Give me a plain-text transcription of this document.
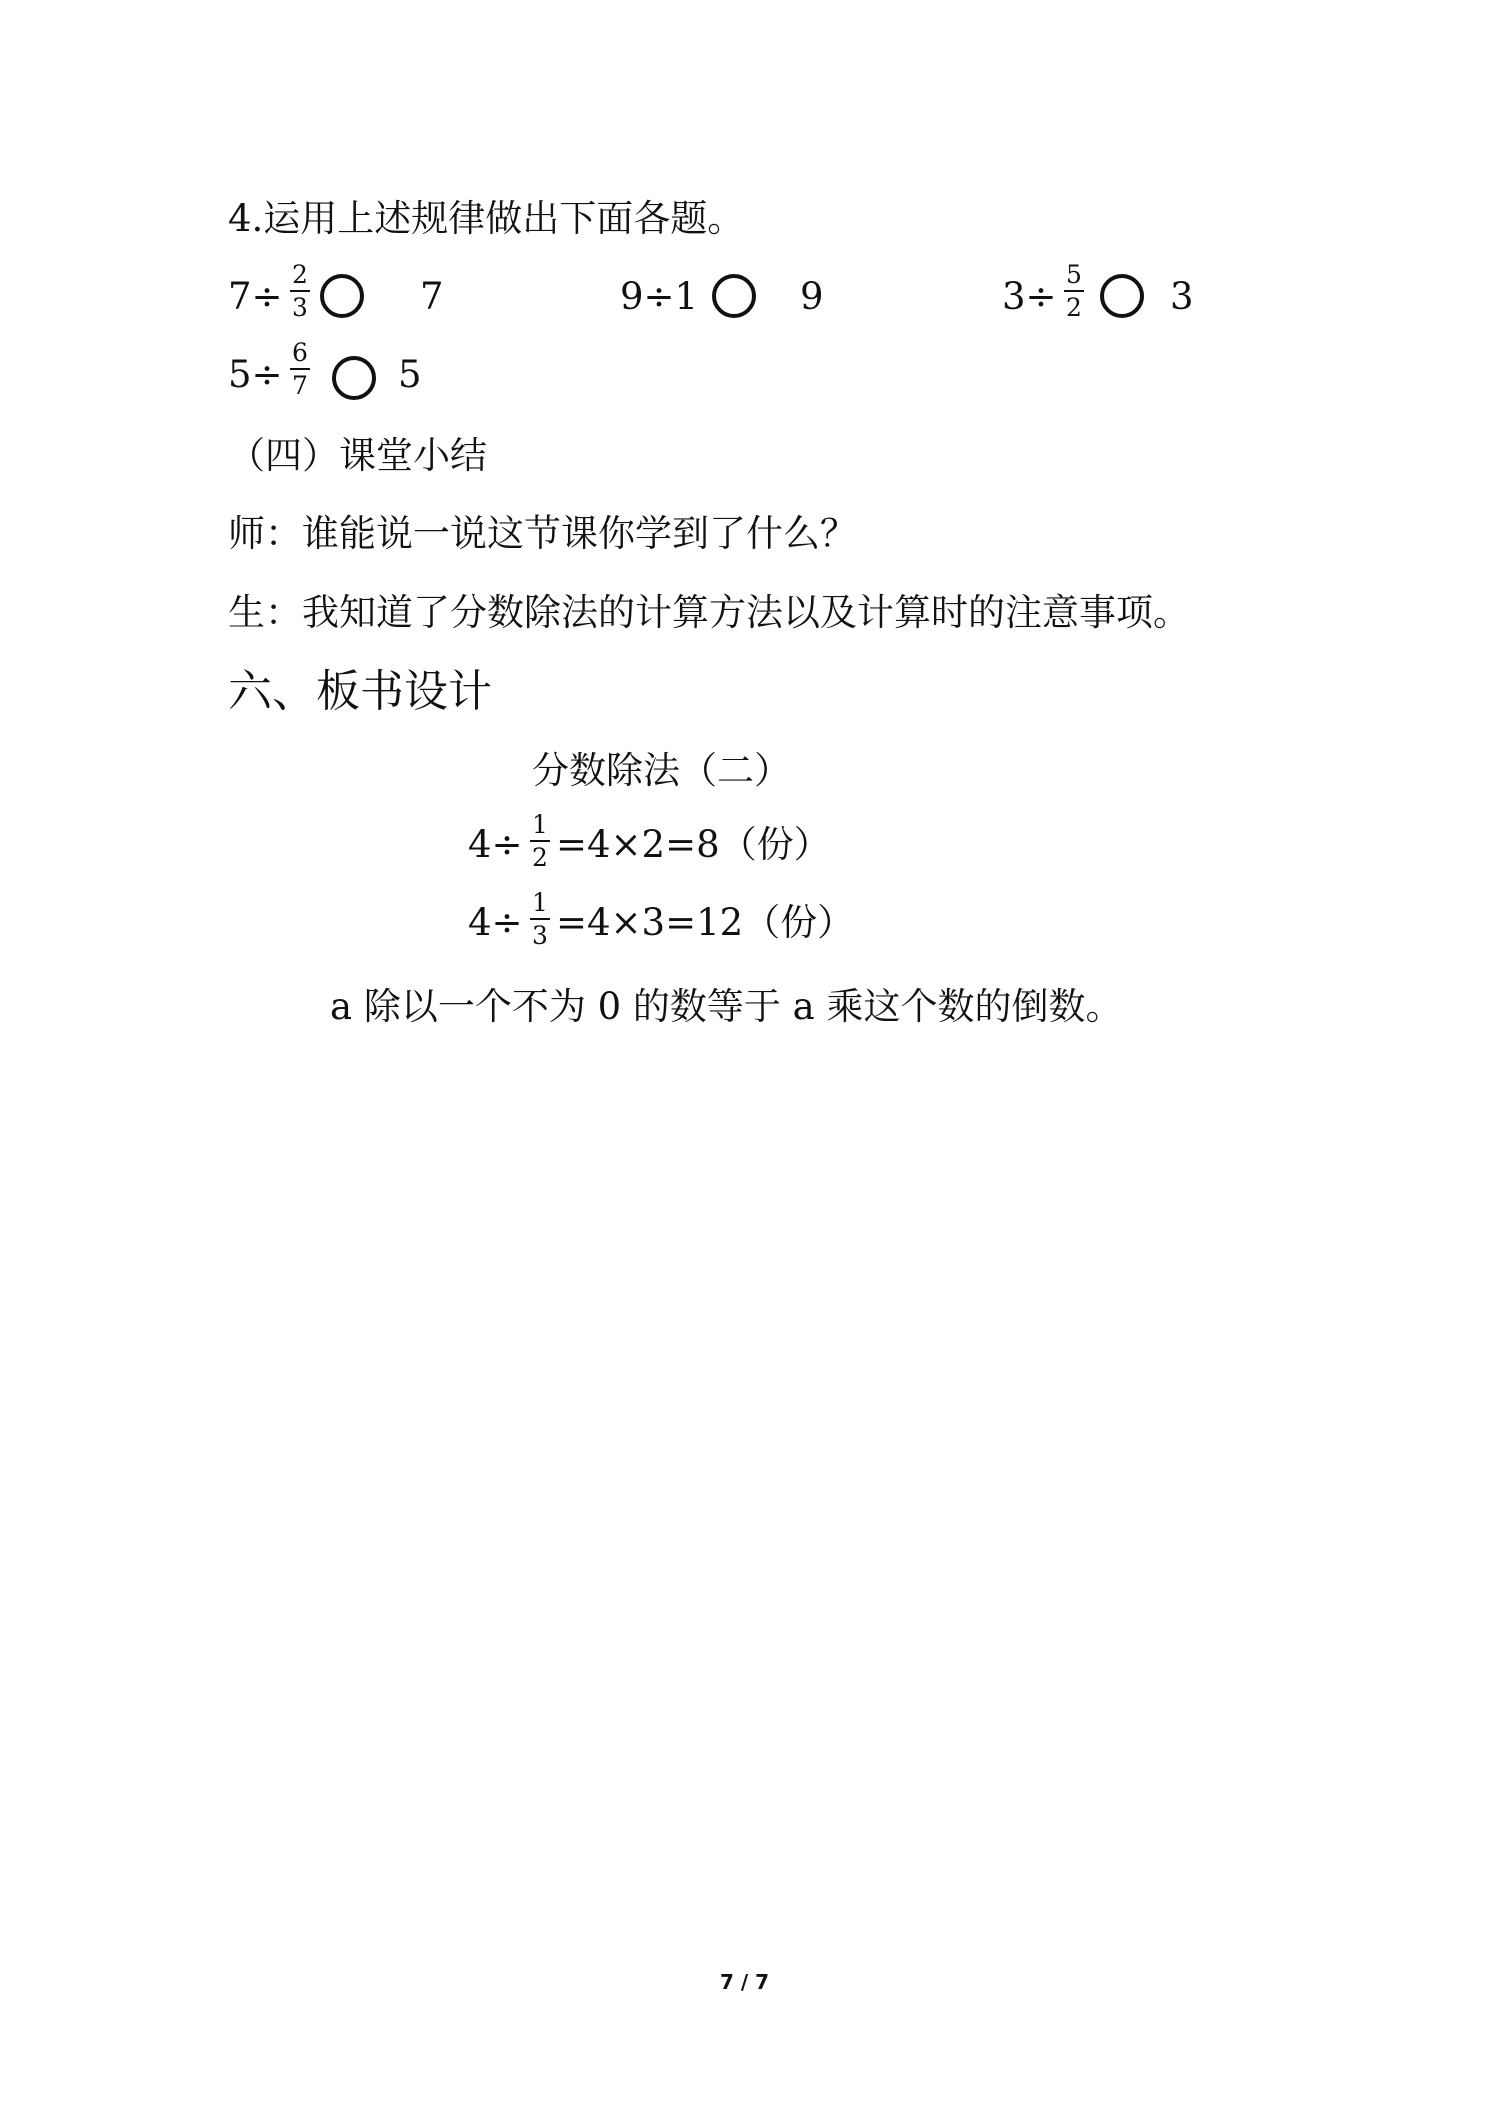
4.运用上述规律做出下面各题。
$7\div \frac{2}{3}$	7	9÷1	9	$3\div \frac{5}{2} 3$
$5\div \frac{6}{7} 5$
（四）课堂小结
师：谁能说一说这节课你学到了什么？
生：我知道了分数除法的计算方法以及计算时的注意事项。
六、板书设计
分数除法（二）
$4\div \frac{1}{2} =4\times 2=8$（份）
$4\div \frac{1}{3} =4\times 3=12$（份）
a 除以一个不为 0 的数等于 a 乘这个数的倒数。
7 / 7
